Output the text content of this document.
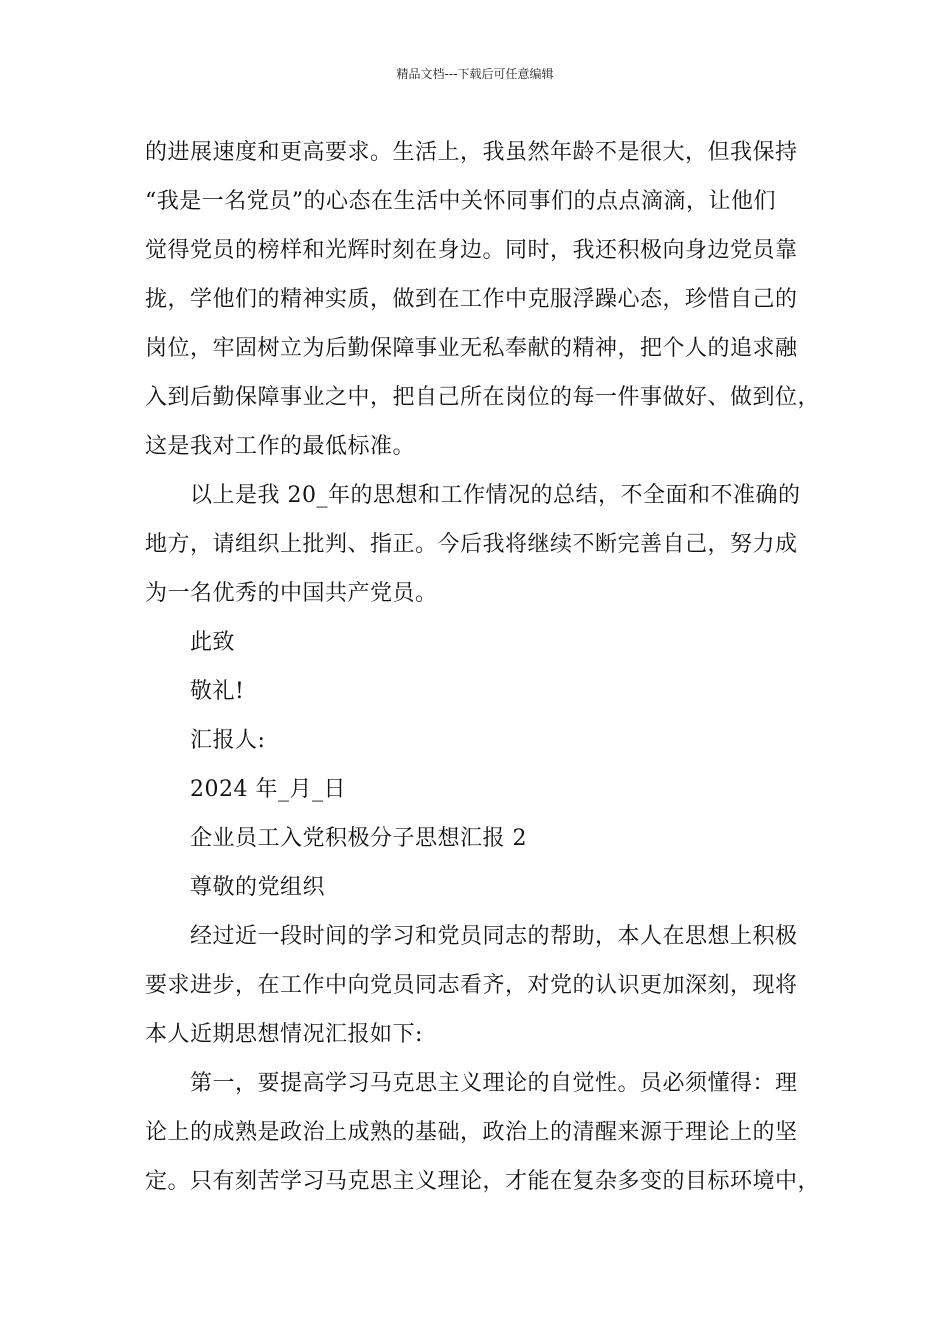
精品文档---下载后可任意编辑
的进展速度和更高要求。生活上，我虽然年龄不是很大，但我保持
“我是一名党员”的心态在生活中关怀同事们的点点滴滴，让他们
觉得党员的榜样和光辉时刻在身边。同时，我还积极向身边党员靠
拢，学他们的精神实质，做到在工作中克服浮躁心态，珍惜自己的
岗位，牢固树立为后勤保障事业无私奉献的精神，把个人的追求融
入到后勤保障事业之中，把自己所在岗位的每一件事做好、做到位，
这是我对工作的最低标准。
以上是我 20_年的思想和工作情况的总结，不全面和不准确的
地方，请组织上批判、指正。今后我将继续不断完善自己，努力成
为一名优秀的中国共产党员。
此致
敬礼!
汇报人:
2024 年_月_日
企业员工入党积极分子思想汇报 2
尊敬的党组织
经过近一段时间的学习和党员同志的帮助，本人在思想上积极
要求进步，在工作中向党员同志看齐，对党的认识更加深刻，现将
本人近期思想情况汇报如下:
第一，要提高学习马克思主义理论的自觉性。员必须懂得：理
论上的成熟是政治上成熟的基础，政治上的清醒来源于理论上的坚
定。只有刻苦学习马克思主义理论，才能在复杂多变的目标环境中，
